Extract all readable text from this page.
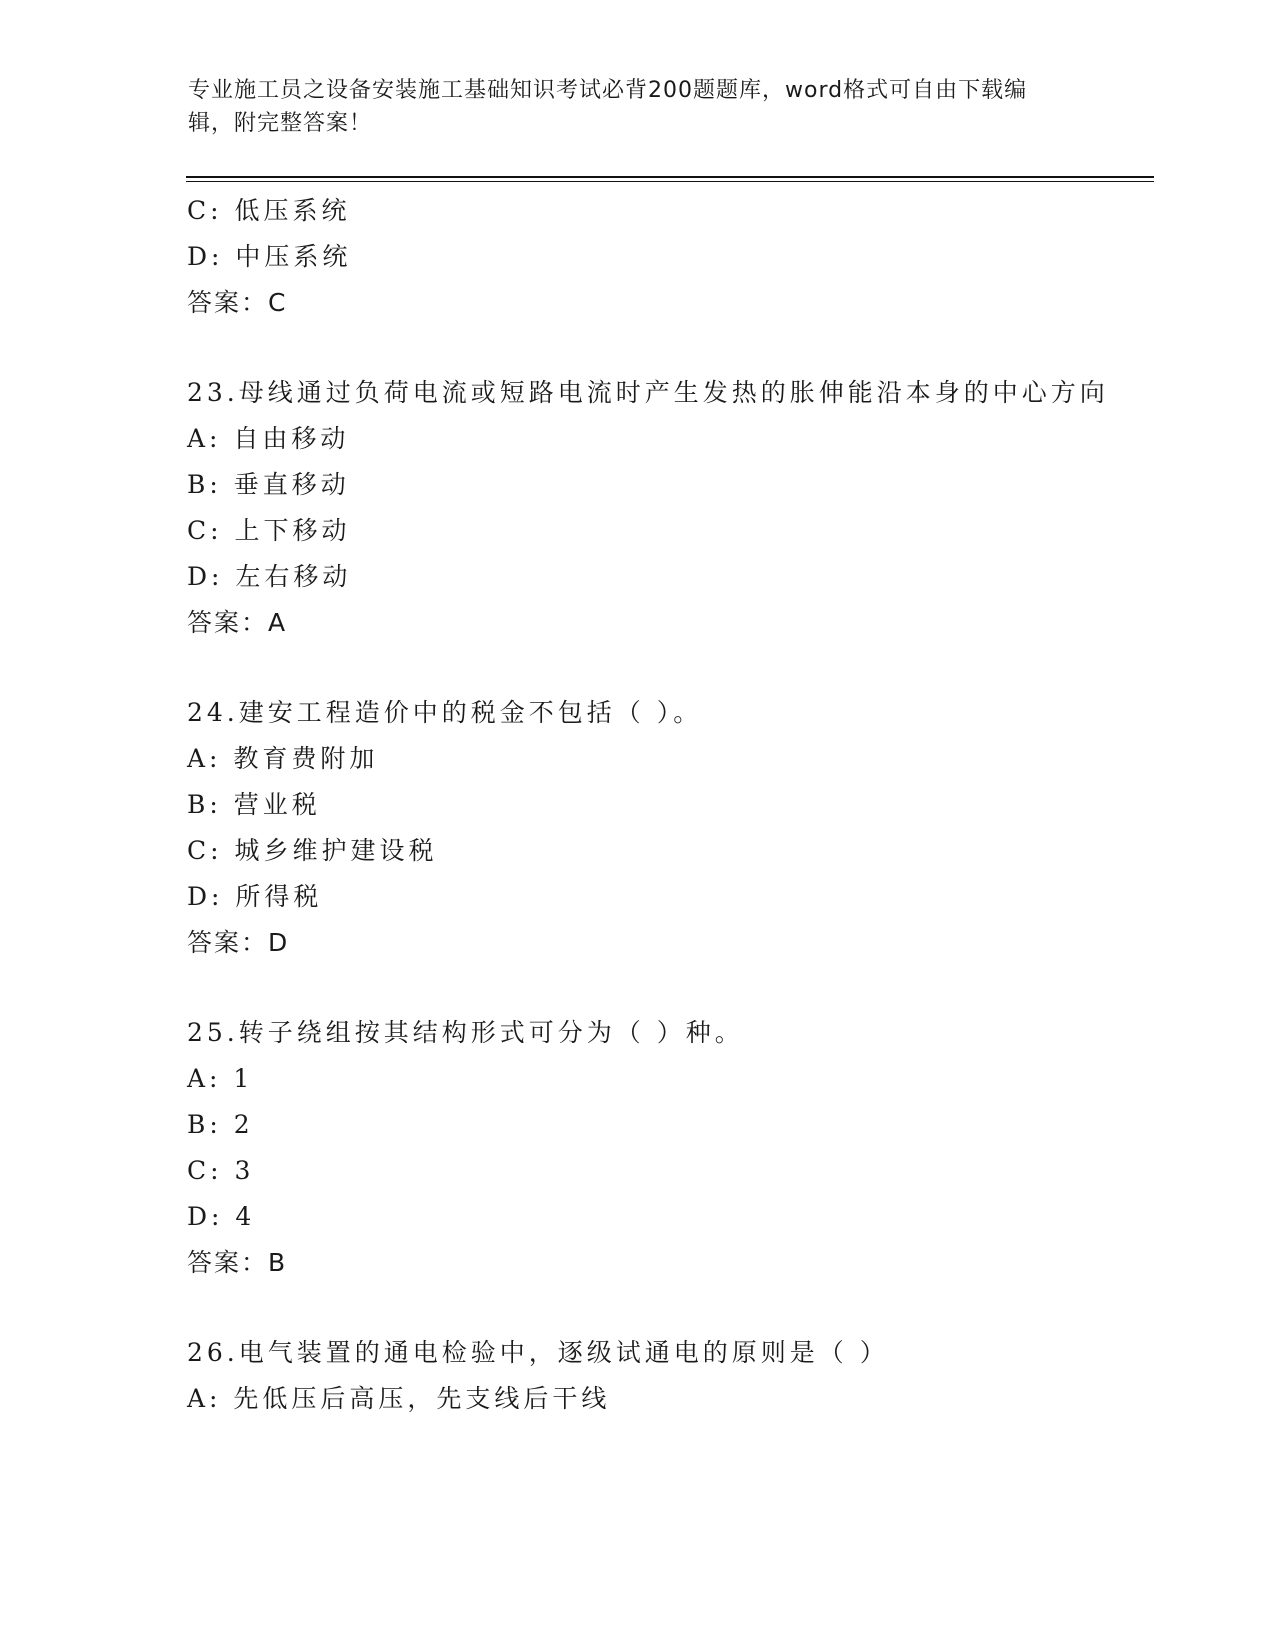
专业施工员之设备安装施工基础知识考试必背200题题库，word格式可自由下载编辑，附完整答案！
C: 低压系统
D: 中压系统
答案：C
23.母线通过负荷电流或短路电流时产生发热的胀伸能沿本身的中心方向
A: 自由移动
B: 垂直移动
C: 上下移动
D: 左右移动
答案：A
24.建安工程造价中的税金不包括（ ）。
A: 教育费附加
B: 营业税
C: 城乡维护建设税
D: 所得税
答案：D
25.转子绕组按其结构形式可分为（ ）种。
A: 1
B: 2
C: 3
D: 4
答案：B
26.电气装置的通电检验中，逐级试通电的原则是（ ）
A: 先低压后高压，先支线后干线
